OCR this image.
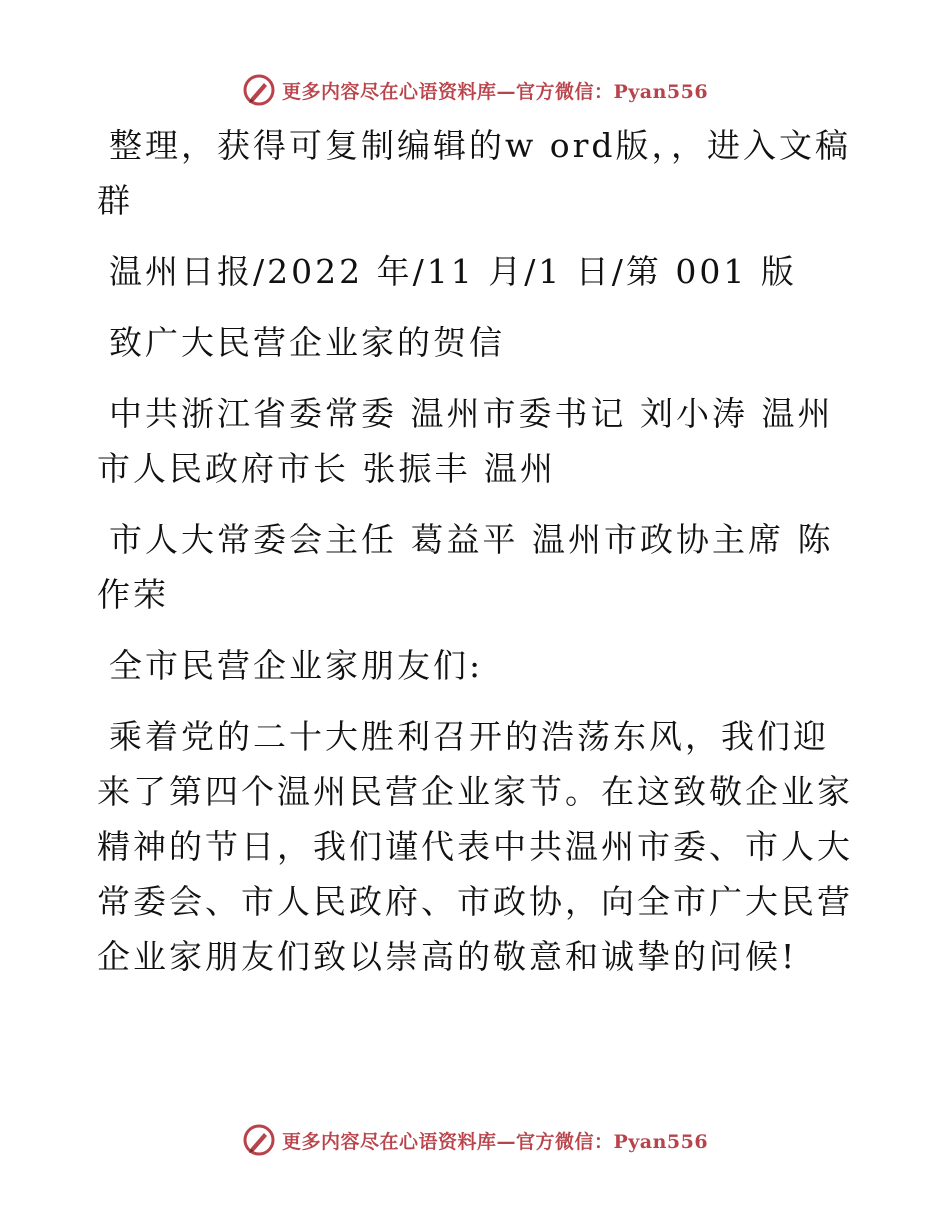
更多内容尽在心语资料库—官方微信：Pyan556

整理，获得可复制编辑的w ord版，，进入文稿群

温州日报/2022 年/11 月/1 日/第 001 版

致广大民营企业家的贺信

中共浙江省委常委 温州市委书记 刘小涛 温州市人民政府市长 张振丰 温州

市人大常委会主任 葛益平 温州市政协主席 陈作荣

全市民营企业家朋友们:

乘着党的二十大胜利召开的浩荡东风，我们迎来了第四个温州民营企业家节。在这致敬企业家精神的节日，我们谨代表中共温州市委、市人大常委会、市人民政府、市政协，向全市广大民营企业家朋友们致以崇高的敬意和诚挚的问候!

更多内容尽在心语资料库—官方微信：Pyan556
